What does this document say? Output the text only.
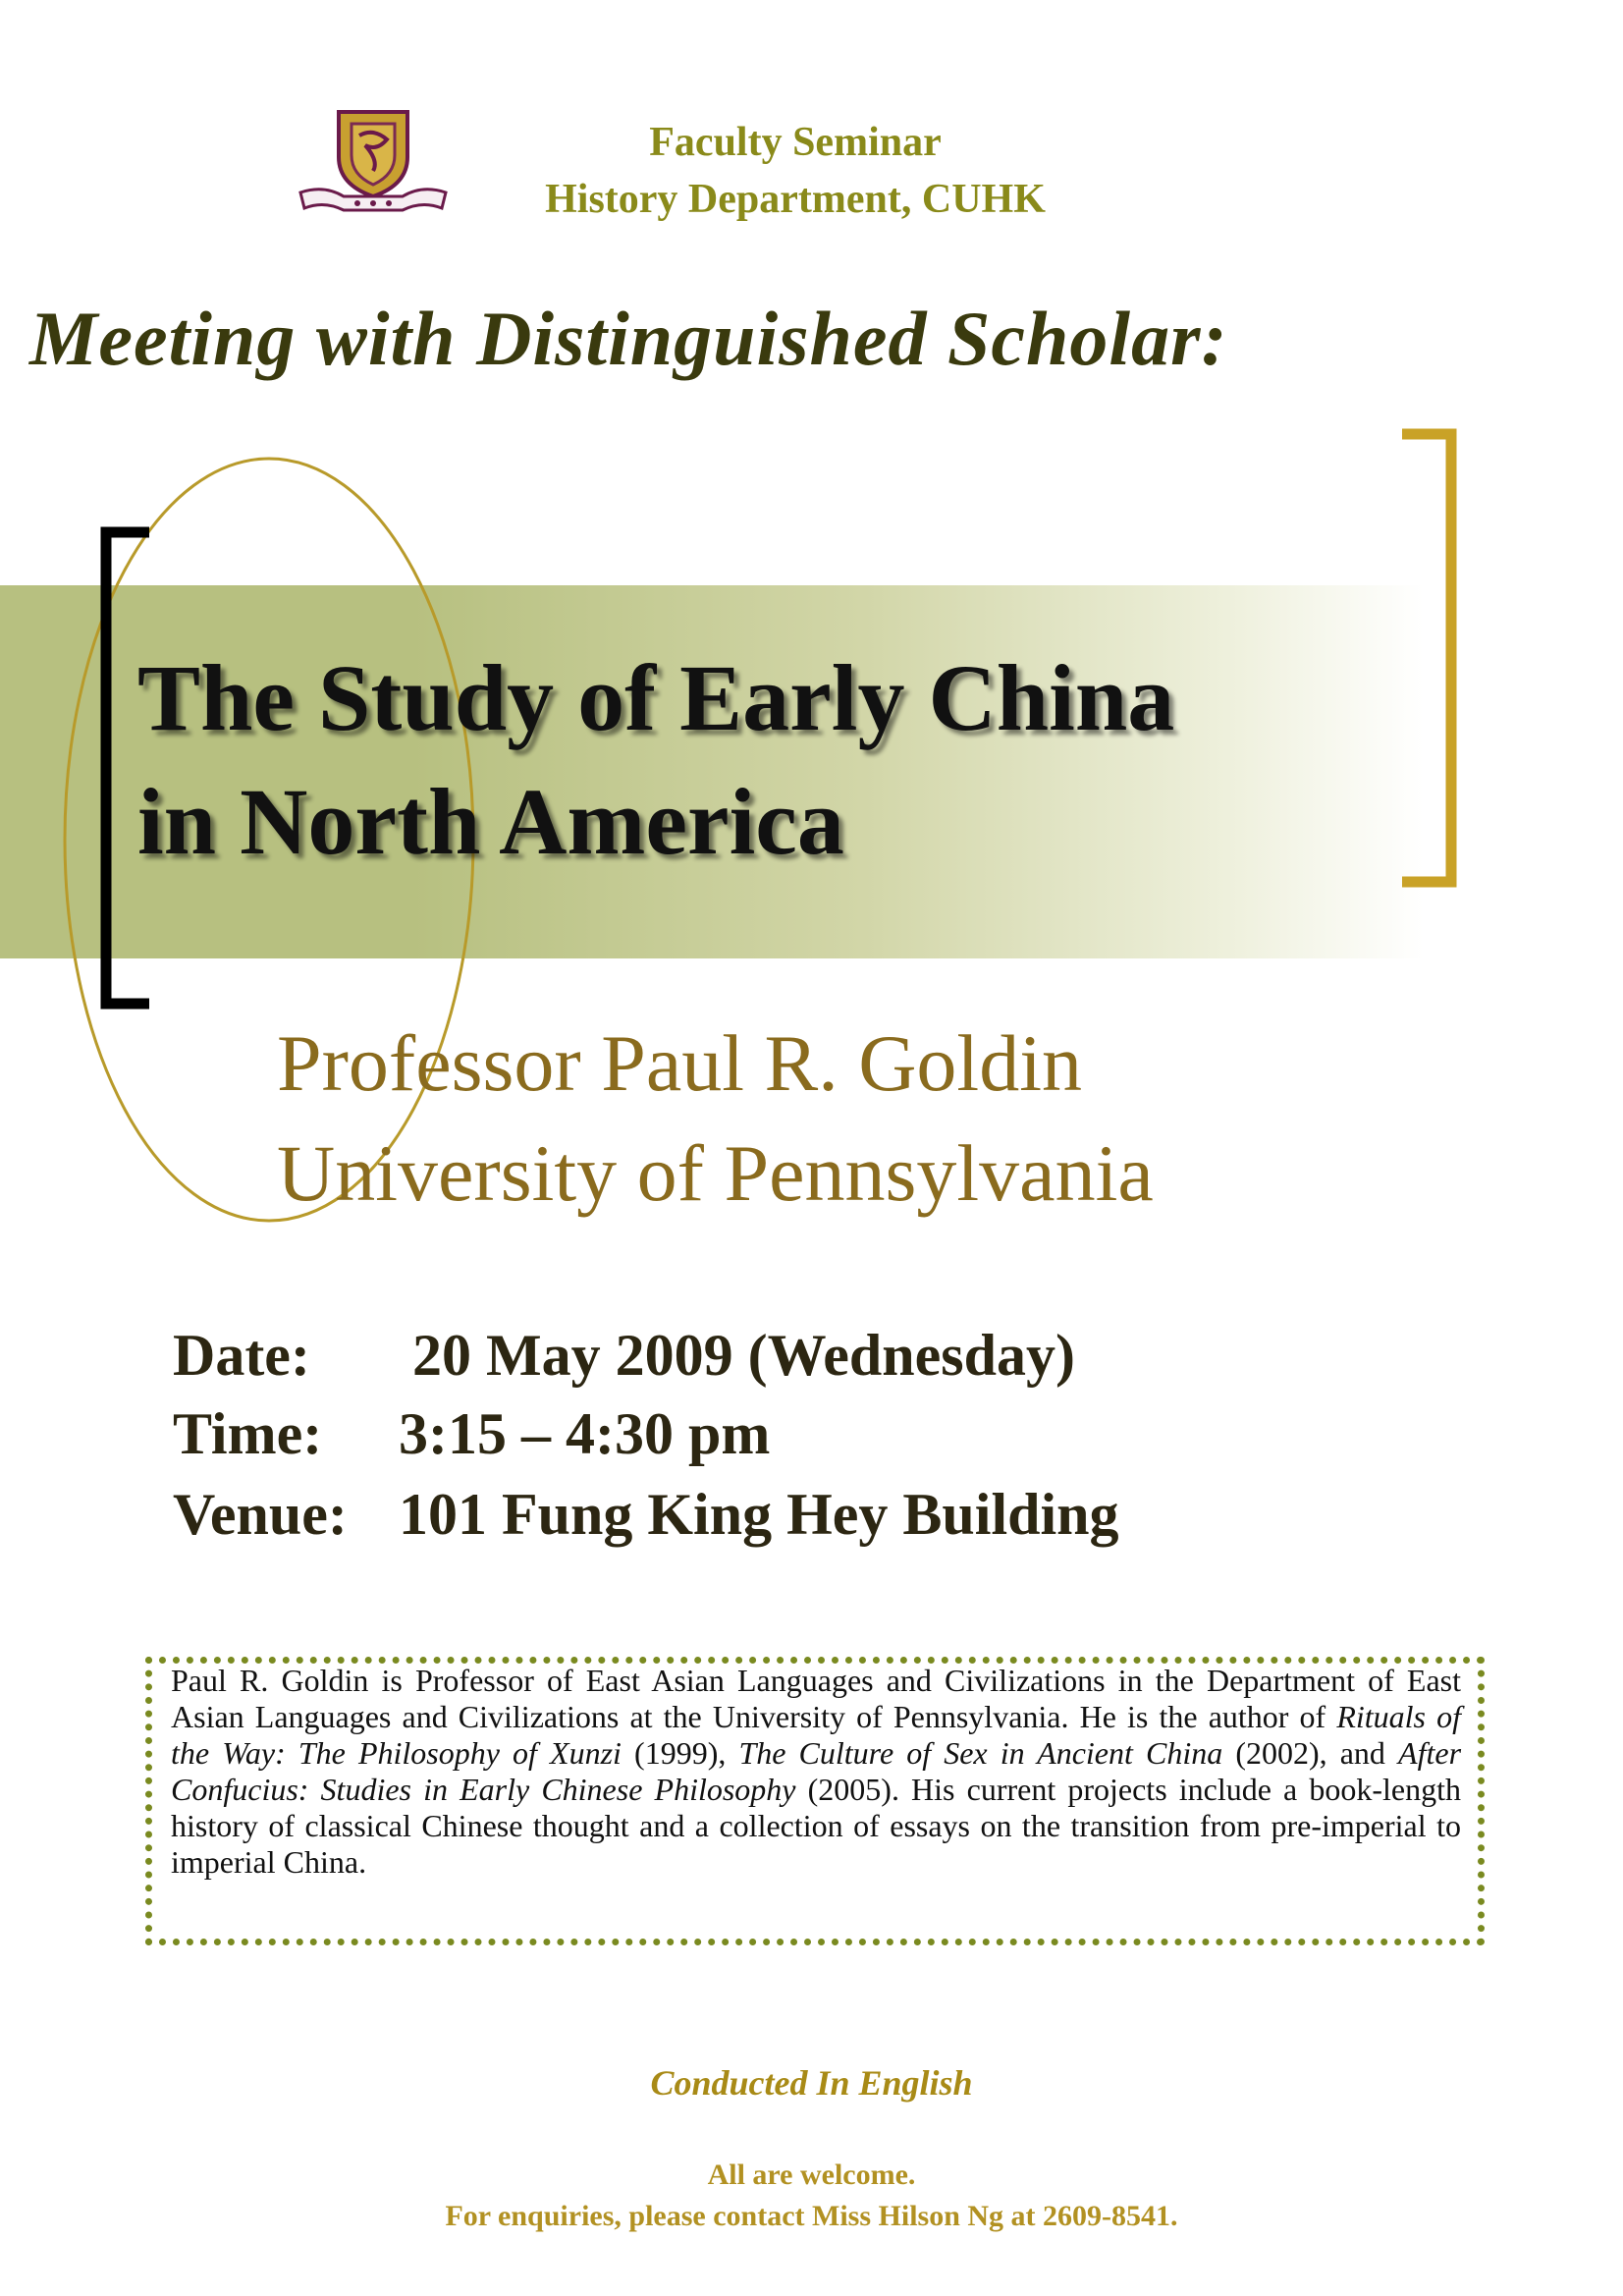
Faculty Seminar
History Department, CUHK
Meeting with Distinguished Scholar:
The Study of Early China
in North America
Professor Paul R. Goldin
University of Pennsylvania
Date: 20 May 2009 (Wednesday)
Time: 3:15 – 4:30 pm
Venue: 101 Fung King Hey Building
Paul R. Goldin is Professor of East Asian Languages and Civilizations in the Department of East Asian Languages and Civilizations at the University of Pennsylvania. He is the author of Rituals of the Way: The Philosophy of Xunzi (1999), The Culture of Sex in Ancient China (2002), and After Confucius: Studies in Early Chinese Philosophy (2005). His current projects include a book-length history of classical Chinese thought and a collection of essays on the transition from pre-imperial to imperial China.
Conducted In English
All are welcome.
For enquiries, please contact Miss Hilson Ng at 2609-8541.
